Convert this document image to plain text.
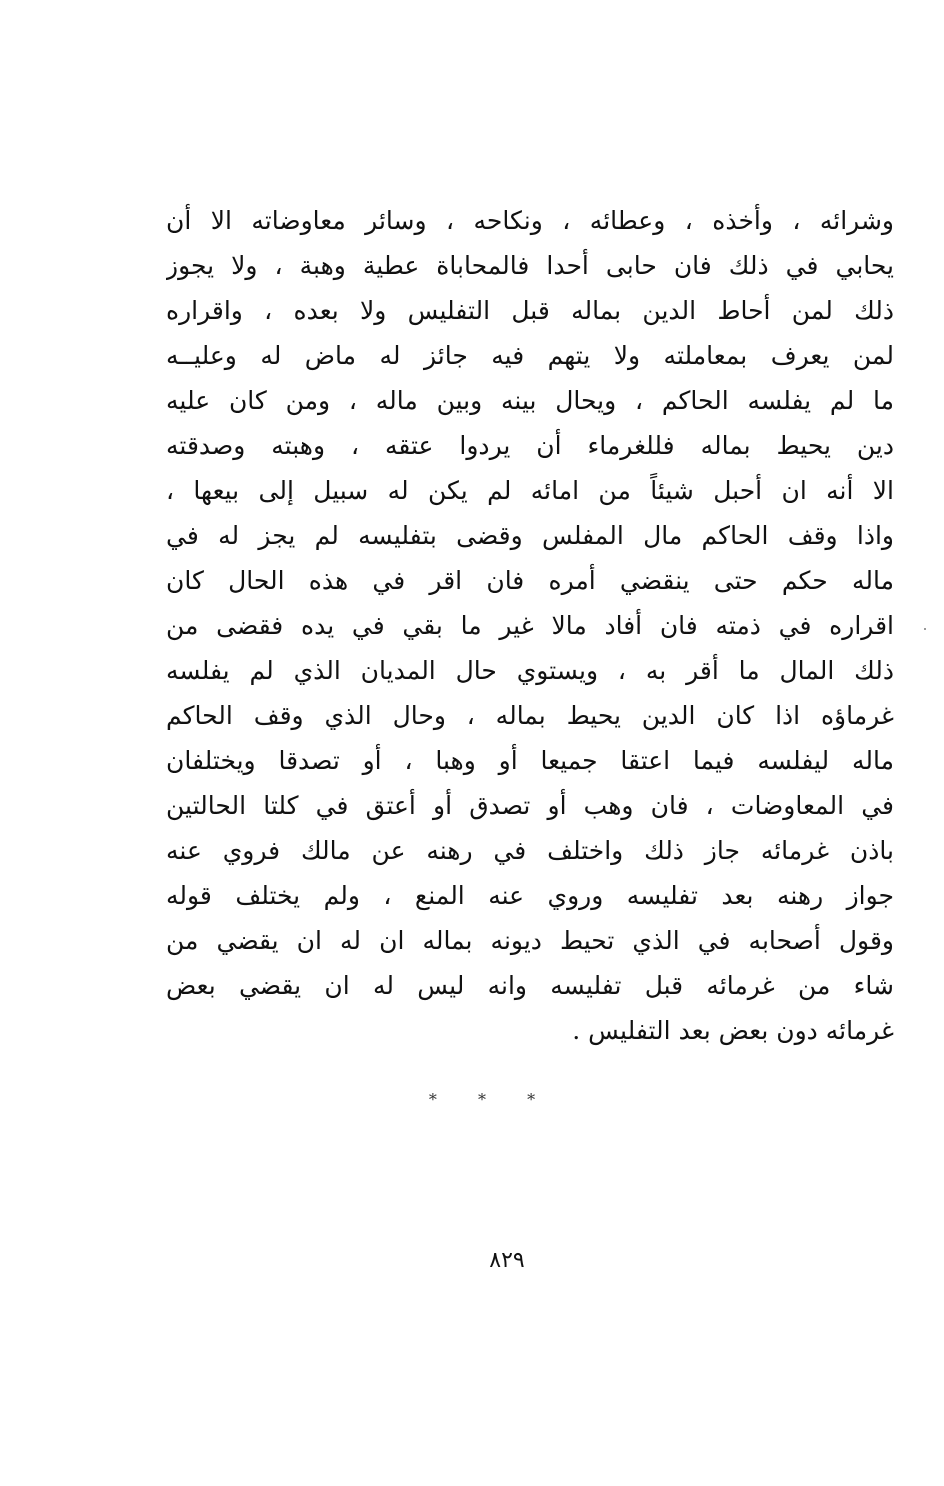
وشرائه ، وأخذه ، وعطائه ، ونكاحه ، وسائر معاوضاته الا أن
يحابي في ذلك فان حابى أحدا فالمحاباة عطية وهبة ، ولا يجوز
ذلك لمن أحاط الدين بماله قبل التفليس ولا بعده ، واقراره
لمن يعرف بمعاملته ولا يتهم فيه جائز له ماض له وعليــه
ما لم يفلسه الحاكم ، ويحال بينه وبين ماله ، ومن كان عليه
دين يحيط بماله فللغرماء أن يردوا عتقه ، وهبته وصدقته
الا أنه ان أحبل شيئاً من امائه لم يكن له سبيل إلى بيعها ،
واذا وقف الحاكم مال المفلس وقضى بتفليسه لم يجز له في
ماله حكم حتى ينقضي أمره فان اقر في هذه الحال كان
اقراره في ذمته فان أفاد مالا غير ما بقي في يده فقضى من
ذلك المال ما أقر به ، ويستوي حال المديان الذي لم يفلسه
غرماؤه اذا كان الدين يحيط بماله ، وحال الذي وقف الحاكم
ماله ليفلسه فيما اعتقا جميعا أو وهبا ، أو تصدقا ويختلفان
في المعاوضات ، فان وهب أو تصدق أو أعتق في كلتا الحالتين
باذن غرمائه جاز ذلك واختلف في رهنه عن مالك فروي عنه
جواز رهنه بعد تفليسه وروي عنه المنع ، ولم يختلف قوله
وقول أصحابه في الذي تحيط ديونه بماله ان له ان يقضي من
شاء من غرمائه قبل تفليسه وانه ليس له ان يقضي بعض
غرمائه دون بعض بعد التفليس .
* * *
٨٢٩
